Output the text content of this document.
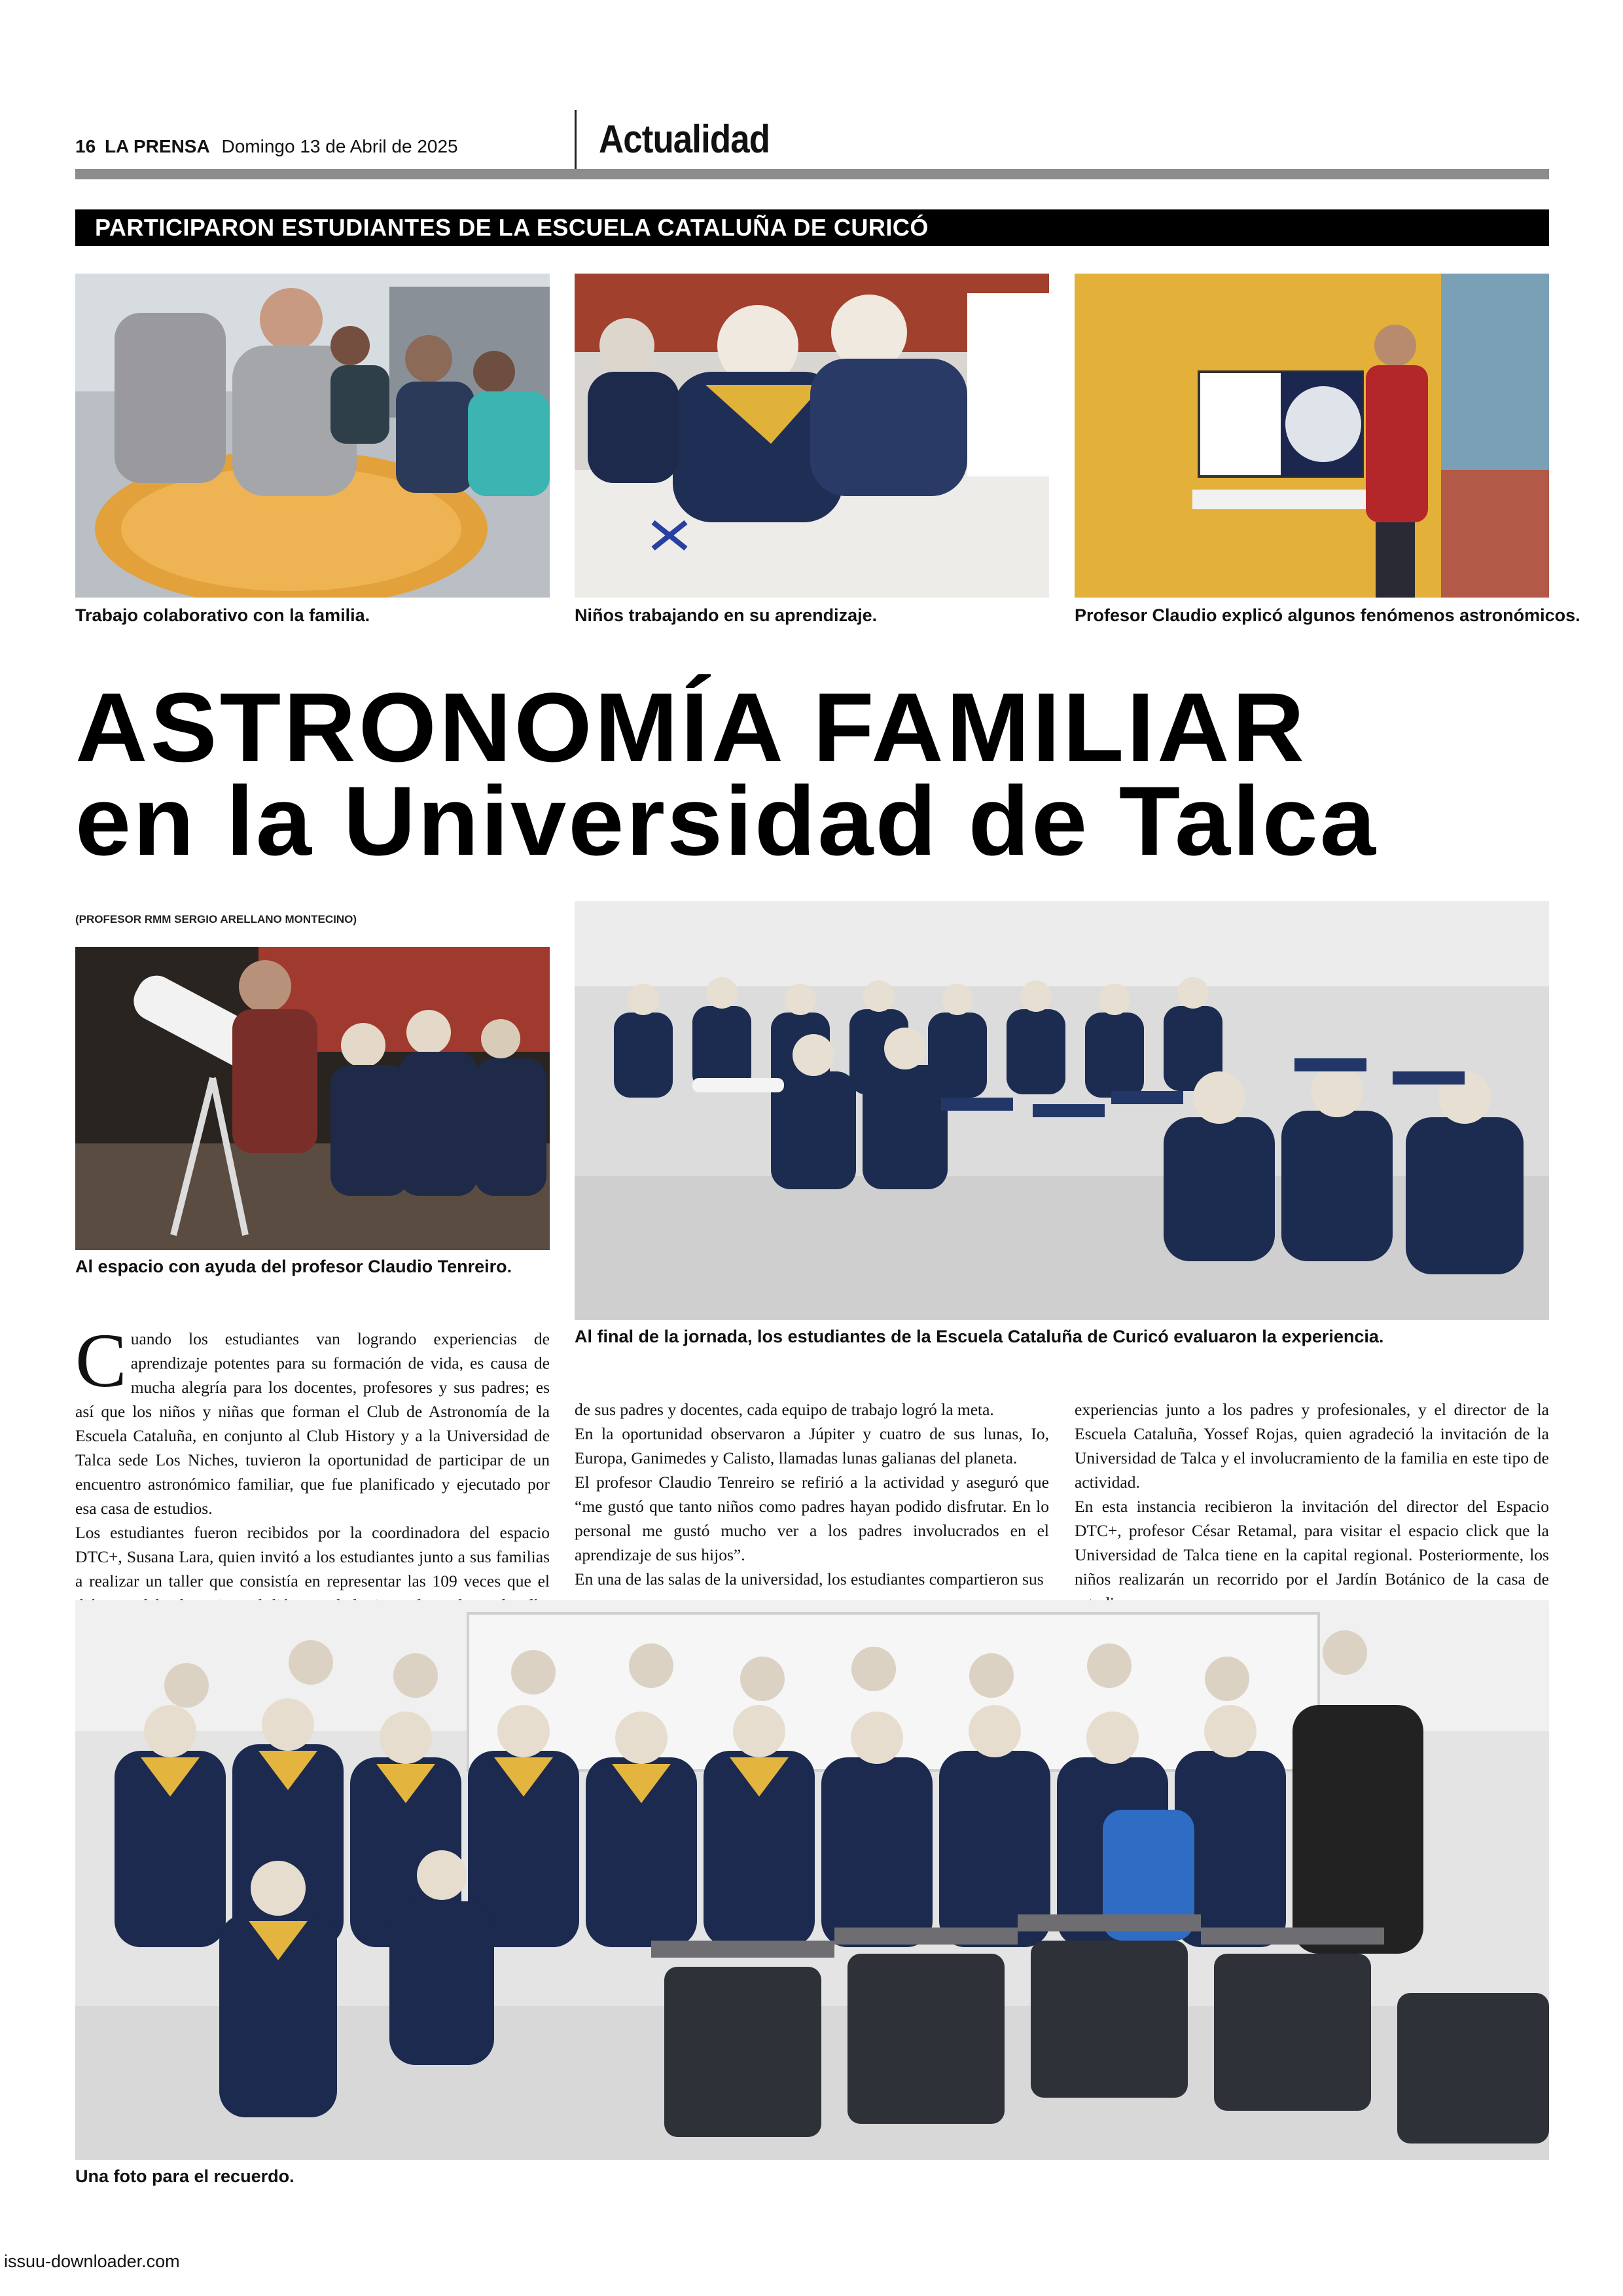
16 LA PRENSA Domingo 13 de Abril de 2025	Actualidad
PARTICIPARON ESTUDIANTES DE LA ESCUELA CATALUÑA DE CURICÓ
Trabajo colaborativo con la familia.	Niños trabajando en su aprendizaje.	Profesor Claudio explicó algunos fenómenos astronómicos.
ASTRONOMÍA FAMILIAR
en la Universidad de Talca
(PROFESOR RMM SERGIO ARELLANO MONTECINO)
Al espacio con ayuda del profesor Claudio Tenreiro.
Al final de la jornada, los estudiantes de la Escuela Cataluña de Curicó evaluaron la experiencia.

Cuando los estudiantes van logrando experiencias de aprendizaje potentes para su formación de vida, es causa de mucha alegría para los docentes, profesores y sus padres; es así que los niños y niñas que forman el Club de Astronomía de la Escuela Cataluña, en conjunto al Club History y a la Universidad de Talca sede Los Niches, tuvieron la oportunidad de participar de un encuentro astronómico familiar, que fue planificado y ejecutado por esa casa de estudios.

Los estudiantes fueron recibidos por la coordinadora del espacio DTC+, Susana Lara, quien invitó a los estudiantes junto a sus familias a realizar un taller que consistía en representar las 109 veces que el

de sus padres y docentes, cada equipo de trabajo logró la meta.

En la oportunidad observaron a Júpiter y cuatro de sus lunas, Io, Europa, Ganimedes y Calisto, llamadas lunas galianas del planeta.

El profesor Claudio Tenreiro se refirió a la actividad y aseguró que “me gustó que tanto niños como padres hayan podido disfrutar. En lo personal me gustó mucho ver a los padres involucrados en el aprendizaje de sus hijos”.

En una de las salas de la universidad, los estudiantes compartieron sus

experiencias junto a los padres y profesionales, y el director de la Escuela Cataluña, Yossef Rojas, quien agradeció la invitación de la Universidad de Talca y el involucramiento de la familia en este tipo de actividad.

En esta instancia recibieron la invitación del director del Espacio DTC+, profesor César Retamal, para visitar el espacio click que la Universidad de Talca tiene en la capital regional. Posteriormente, los niños realizarán un recorrido por el Jardín Botánico de la casa de

Una foto para el recuerdo.
issuu-downloader.com
